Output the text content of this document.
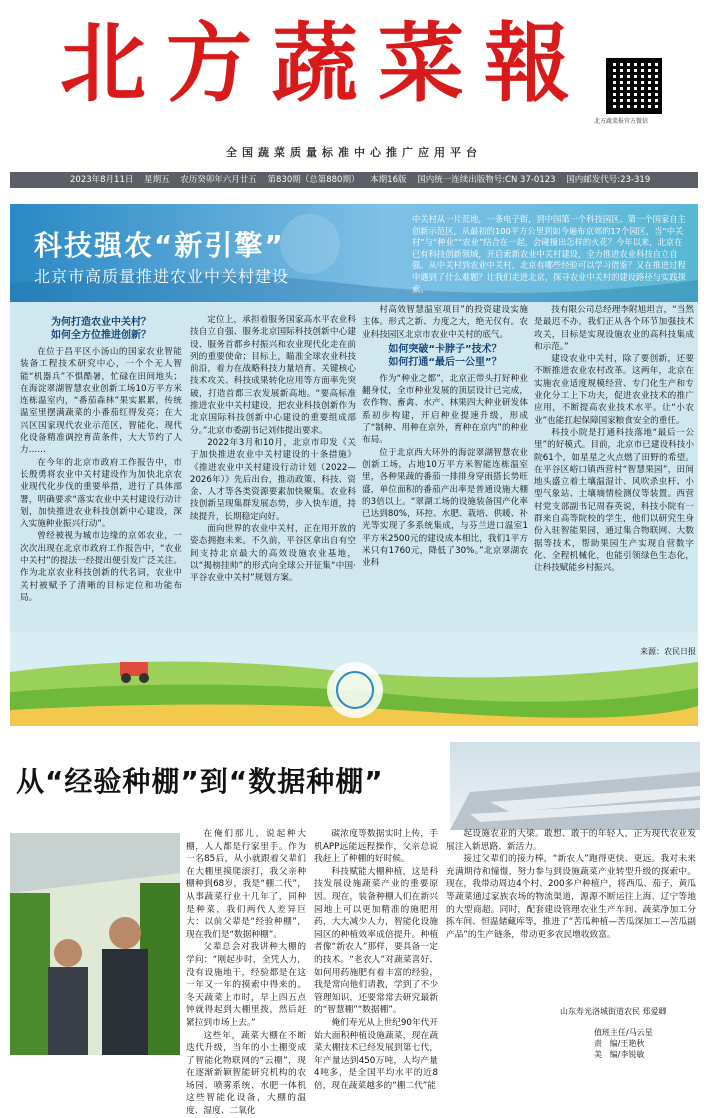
北方蔬菜報
北方蔬菜报官方微信
全国蔬菜质量标准中心推广应用平台
2023年8月11日 星期五 农历癸卯年六月廿五 第830期（总第880期） 本期16版 国内统一连续出版物号:CN 37-0123 国内邮发代号:23-319
科技强农“新引擎”
北京市高质量推进农业中关村建设
中关村从一片荒地，一条电子街，到中国第一个科技园区、第一个国家自主创新示范区，从最初的100平方公里到如今遍布京郊的17个园区，当“中关村”与“种业”“农业”结合在一起，会碰撞出怎样的火花？今年以来，北京在已有科技创新领域，开启索新农业中关村建设，全力推进农业科技自立自强。从中关村到农业中关村，北京有哪些经验可以学习借鉴？又在推进过程中遇到了什么难题？让我们走进北京，探寻农业中关村的建设路径与实践探索。
为何打造农业中关村？
如何全方位推进创新？

在位于昌平区小汤山的国家农业智能装备工程技术研究中心，一个个无人智能“机器兵”不惧酷暑，忙碌在田间地头；在海淀翠湖智慧农业创新工场10万平方米连栋温室内，“番茄森林”果实累累，传统温室里摆满蔬菜的小番茄红得发亮；在大兴区国家现代农业示范区，智能化、现代化设备精准调控育苗条件，大大节约了人力……

在今年的北京市政府工作报告中，市长殷勇将农业中关村建设作为加快北京农业现代化步伐的重要举措，进行了具体部署，明确要求“落实农业中关村建设行动计划，加快推进农业科技创新中心建设，深入实施种业振兴行动”。

曾经被视为城市边缘的京郊农业，一次次出现在北京市政府工作报告中，“农业中关村”的提法一经提出便引发广泛关注。作为北京农业科技创新的代名词，农业中关村被赋予了清晰的目标定位和功能布局。

定位上，承担着服务国家高水平农业科技自立自强、服务北京国际科技创新中心建设、服务首都乡村振兴和农业现代化走在前列的重要使命；目标上，瞄准全球农业科技前沿，着力在战略科技力量培育、关键核心技术攻关、科技成果转化应用等方面率先突破，打造首都三农发展新高地。“要高标准推进农业中关村建设，把农业科技创新作为北京国际科技创新中心建设的重要组成部分。”北京市委副书记刘伟提出要求。

2022年3月和10月，北京市印发《关于加快推进农业中关村建设的十条措施》《推进农业中关村建设行动计划（2022—2026年）》先后出台，推动政策、科技、资金、人才等各类资源要素加快聚集。农业科技创新呈现集群发展态势，步入快车道，持续提升，长期稳定向好。

面向世界的农业中关村，正在用开放的姿态拥抱未来。不久前，平谷区拿出自有空间支持北京最大的高效设施农业基地，以“揭榜挂帅”的形式向全球公开征集“中国·平谷农业中关村”规划方案。

村高效智慧温室项目”的投资建设实施主体。形式之新、力度之大，绝无仅有。农业科技园区北京市农业中关村的底气。

如何突破“卡脖子”技术？
如何打通“最后一公里”？

作为“种业之都”，北京正带头打好种业翻身仗，全市种业发展的顶层设计已完成，农作物、畜禽、水产、林果四大种业研发体系初步构建，开启种业提速升级，形成了“制种、用种在京外，育种在京内”的种业布局。

位于北京西大环外的海淀翠湖智慧农业创新工场，占地10万平方米智能连栋温室里，各种果蔬的番茄一排排身穿雨搭长势旺盛，单位面积的番茄产出率是普通设施大棚的3倍以上。“翠湖工场的设施装备国产化率已达到80%，环控、水肥、栽培、供暖、补光等实现了多系统集成，与芬兰进口温室1平方米2500元的建设成本相比，我们1平方米只有1760元，降低了30%。”北京翠湖农业科

技有限公司总经理李附旭坦言，“当然是最迟不办，我们正从各个环节加强技术攻关，目标是实现设施农业的高科技集成和示范。”

建设农业中关村，除了要创新，还要不断推进农业农村改革。这两年，北京在实施农业适度规模经营、专门化生产和专业化分工上下功夫，促进农业技术的推广应用，不断提高农业技术水平。让“小农业”也能扛起保障国家粮食安全的重任。

科技小院是打通科技落地“最后一公里”的好模式。目前，北京市已建设科技小院61个，如星星之火点燃了田野的希望。在平谷区峪口镇西营村“智慧果园”，田间地头盛立着土壤温湿计、风吹杀虫杆、小型气象站、土壤墒情检测仪等装置。西营村党支部副书记周春英说，科技小院有一群来自高等院校的学生，他们以研究生身份入驻智能果园，通过集合物联网、大数据等技术，帮助果园生产实现自营数字化、全程机械化，也能引领绿色生态化，让科技赋能乡村振兴。

来源：农民日报
从“经验种棚”到“数据种棚”

在俺们那儿，说起种大棚，人人都是行家里手。作为一名85后，从小就跟着父辈们在大棚里摸爬滚打，我父亲种棚种到68岁，我是“棚二代”，从事蔬菜行业十几年了，同种是种菜，我们两代人差异巨大：以前父辈是“经验种棚”，现在我们是“数据种棚”。

父辈总会对我讲种大棚的学问：“刚起步时，全凭人力，没有设施地干，经验都是在这一年又一年的摸索中得来的。冬天蔬菜上市时，早上四五点钟就得起到大棚里拨，然后赶紧拉到市场上去。”

这些年，蔬菜大棚在不断迭代升级，当年的小土棚变成了智能化物联网的“云棚”，现在逐渐新颖智能研究机构的农场园、喷雾系统、水肥一体机这些智能化设备，大棚的温度、湿度、二氧化

碳浓度等数据实时上传，手机APP远能远程操作，父亲总说我赶上了种棚的好时候。

科技赋能大棚种植，这是科技发展设施蔬菜产业的重要原因。现在，装备种棚人们在新兴园地上可以更加精准的施肥用药，大大减少人力，智能化设施园区的种植效率成倍提升。种植者像“新农人”那样，要具备一定的技术。“老农人”对蔬菜喜好、如何用药施肥有着丰富的经验，我是常向他们请教，学到了不少管理知识，还要常常去研究最新的“智慧棚”“数据棚”。

俺们寿光从上世纪90年代开始大面积种植设施蔬菜，现在蔬菜大棚技术已经发展到第七代，年产量达到450万吨，人均产量4吨多，是全国平均水平的近8倍，现在蔬菜越多的“棚二代”能

起设施农业的大梁。敢想、敢干的年轻人，正为现代农业发展注入新思路、新活力。

接过父辈们的接力棒，“新农人”跑得更快、更远。我对未来充满期待和憧憬，努力参与到设施蔬菜产业转型升级的探索中。现在，我带动周边4个村、200多户种植户，将西瓜、茄子、黄瓜等蔬菜通过家族农场的物流渠道，源源不断运往上海、辽宁等地的大型商超。同时，配套建设管理农业生产车间、蔬菜净加工分拣车间、恒温储藏库等，推进了“苦瓜种植—苦瓜深加工—苦瓜副产品”的生产链条，带动更多农民增收致富。

山东寿光洛城街道农民 郑爱卿
值班主任/马云星
责   编/王艳秋
美   编/李锐敏
